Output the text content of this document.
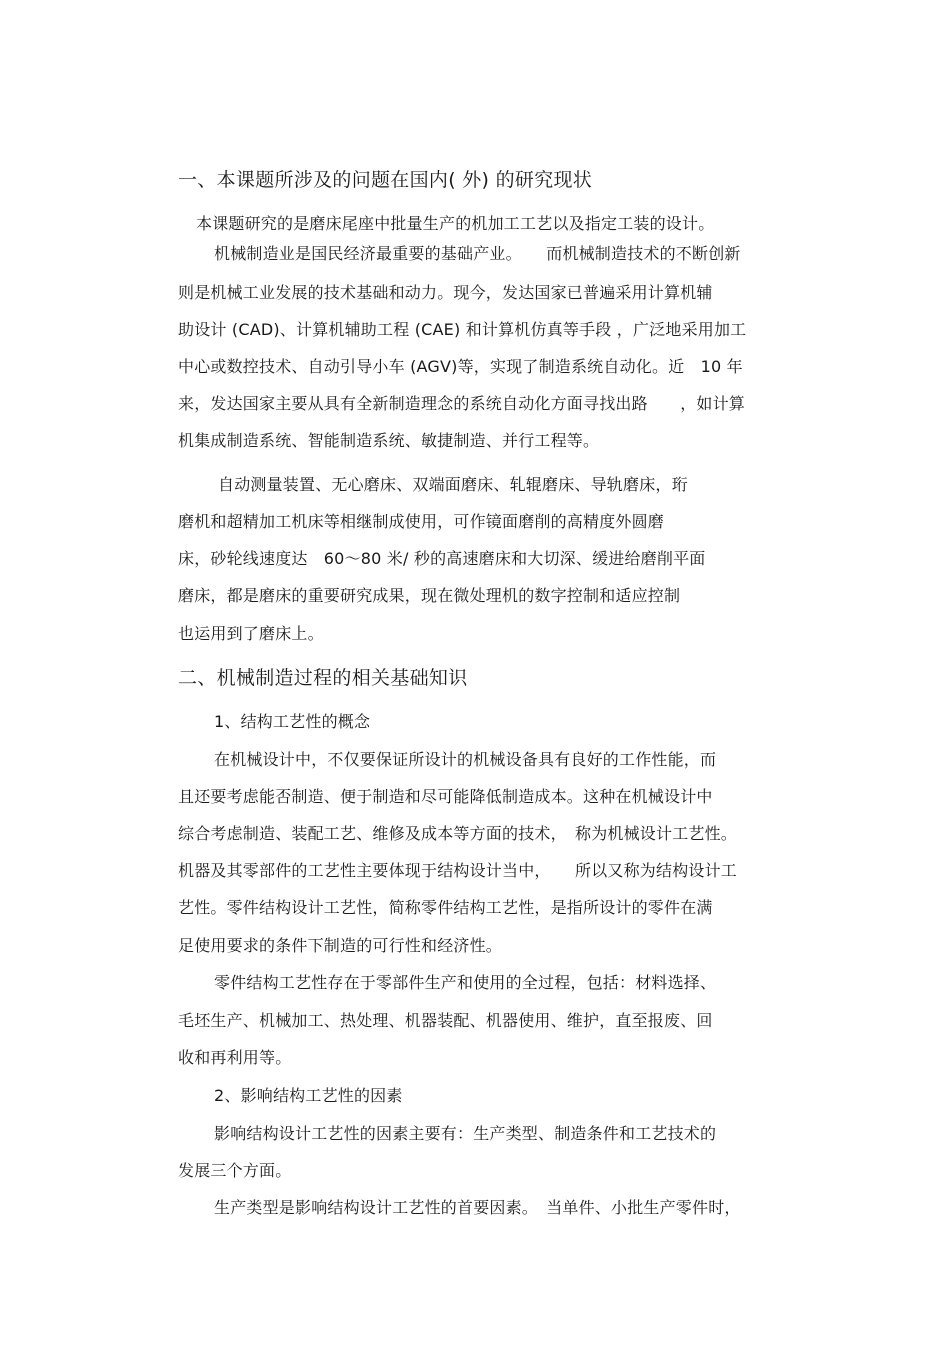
一、本课题所涉及的问题在国内( 外) 的研究现状
本课题研究的是磨床尾座中批量生产的机加工工艺以及指定工装的设计。
机械制造业是国民经济最重要的基础产业。　　而机械制造技术的不断创新
则是机械工业发展的技术基础和动力。现今，发达国家已普遍采用计算机辅
助设计 (CAD)、计算机辅助工程 (CAE) 和计算机仿真等手段 ，广泛地采用加工
中心或数控技术、自动引导小车 (AGV)等，实现了制造系统自动化。近　10 年
来，发达国家主要从具有全新制造理念的系统自动化方面寻找出路　　，如计算
机集成制造系统、智能制造系统、敏捷制造、并行工程等。
自动测量装置、无心磨床、双端面磨床、轧辊磨床、导轨磨床，珩
磨机和超精加工机床等相继制成使用，可作镜面磨削的高精度外圆磨
床，砂轮线速度达　60～80 米/ 秒的高速磨床和大切深、缓进给磨削平面
磨床，都是磨床的重要研究成果，现在微处理机的数字控制和适应控制
也运用到了磨床上。
二、机械制造过程的相关基础知识
1、结构工艺性的概念
在机械设计中，不仅要保证所设计的机械设备具有良好的工作性能，而
且还要考虑能否制造、便于制造和尽可能降低制造成本。这种在机械设计中
综合考虑制造、装配工艺、维修及成本等方面的技术，　称为机械设计工艺性。
机器及其零部件的工艺性主要体现于结构设计当中，　　所以又称为结构设计工
艺性。零件结构设计工艺性，简称零件结构工艺性，是指所设计的零件在满
足使用要求的条件下制造的可行性和经济性。
零件结构工艺性存在于零部件生产和使用的全过程，包括：材料选择、
毛坯生产、机械加工、热处理、机器装配、机器使用、维护，直至报废、回
收和再利用等。
2、影响结构工艺性的因素
影响结构设计工艺性的因素主要有：生产类型、制造条件和工艺技术的
发展三个方面。
生产类型是影响结构设计工艺性的首要因素。　当单件、小批生产零件时，
